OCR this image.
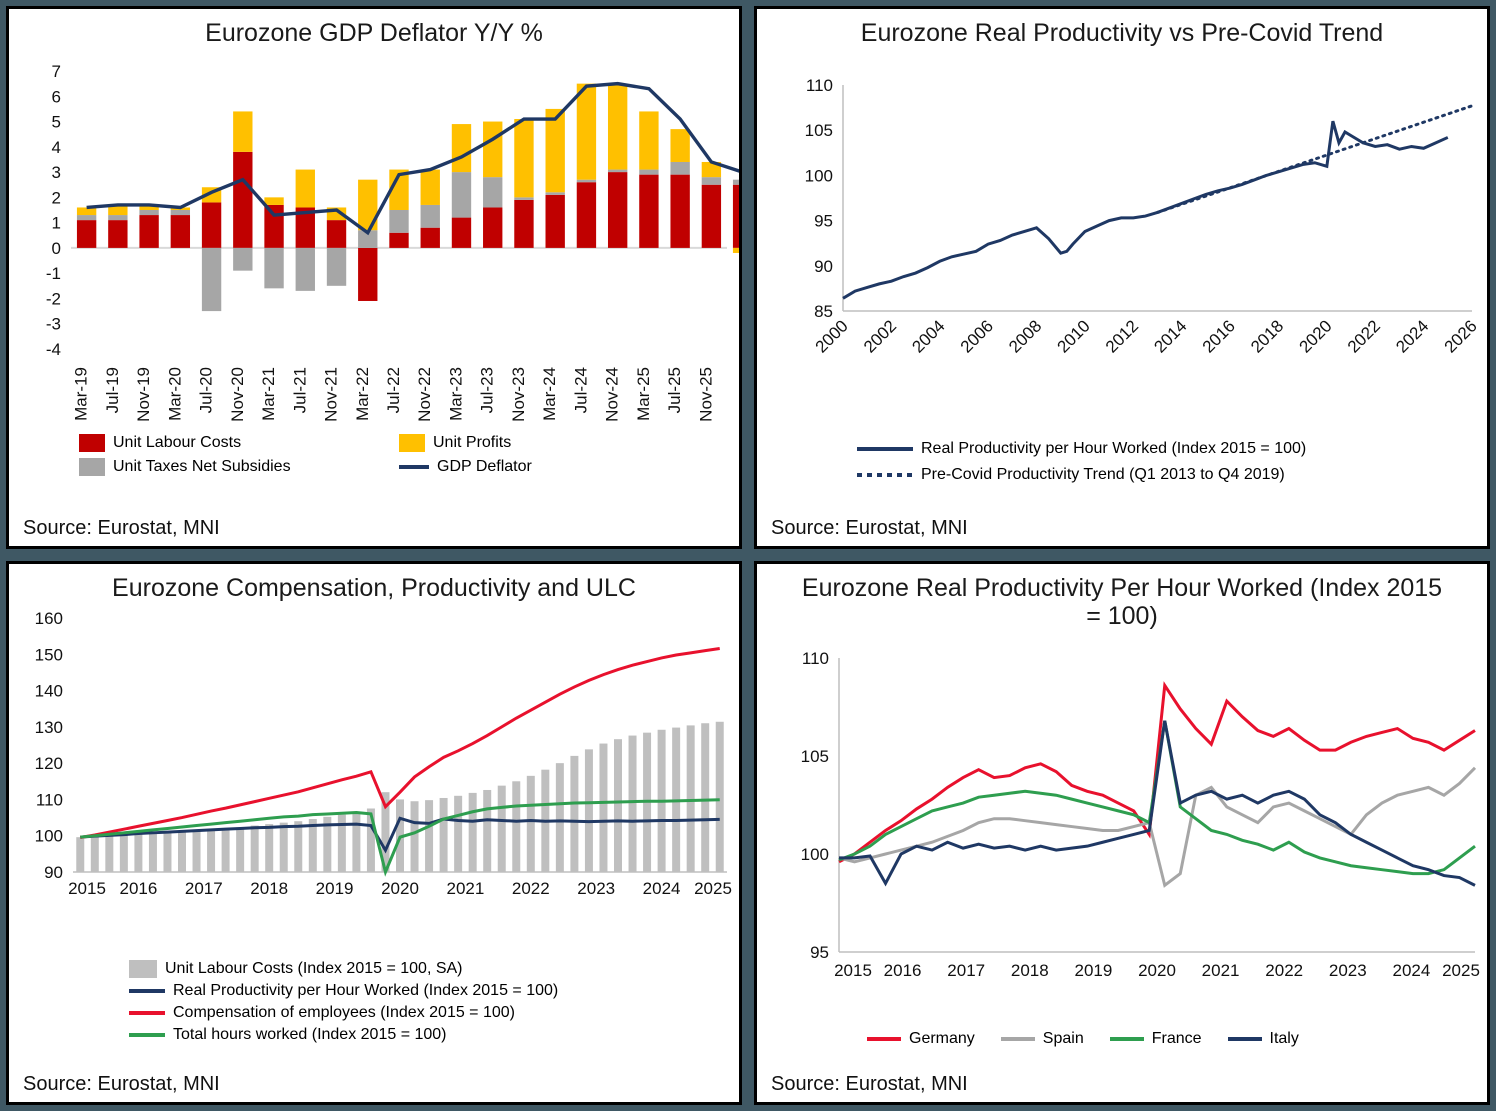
Eurozone GDP Deflator Y/Y %
-4
-3
-2
-1
0
1
2
3
4
5
6
7
Mar-19 Jul-19 Nov-19 Mar-20 Jul-20 Nov-20 Mar-21 Jul-21 Nov-21 Mar-22 Jul-22 Nov-22 Mar-23 Jul-23 Nov-23 Mar-24 Jul-24 Nov-24 Mar-25 Jul-25 Nov-25
Unit Labour Costs	Unit Profits
Unit Taxes Net Subsidies	GDP Deflator
Source: Eurostat, MNI
Eurozone Real Productivity vs Pre-Covid Trend
85
90
95
100
105
110
2000 2002 2004 2006 2008 2010 2012 2014 2016 2018 2020 2022 2024 2026
Real Productivity per Hour Worked (Index 2015 = 100)
Pre-Covid Productivity Trend (Q1 2013 to Q4 2019)
Source: Eurostat, MNI
Eurozone Compensation, Productivity and ULC
90
100
110
120
130
140
150
160
2015 2016 2017 2018 2019 2020 2021 2022 2023 2024 2025
Unit Labour Costs (Index 2015 = 100, SA)
Real Productivity per Hour Worked (Index 2015 = 100)
Compensation of employees (Index 2015 = 100)
Total hours worked (Index 2015 = 100)
Source: Eurostat, MNI
Eurozone Real Productivity Per Hour Worked (Index 2015 = 100)
95
100
105
110
2015 2016 2017 2018 2019 2020 2021 2022 2023 2024 2025
Germany	Spain	France	Italy
Source: Eurostat, MNI
